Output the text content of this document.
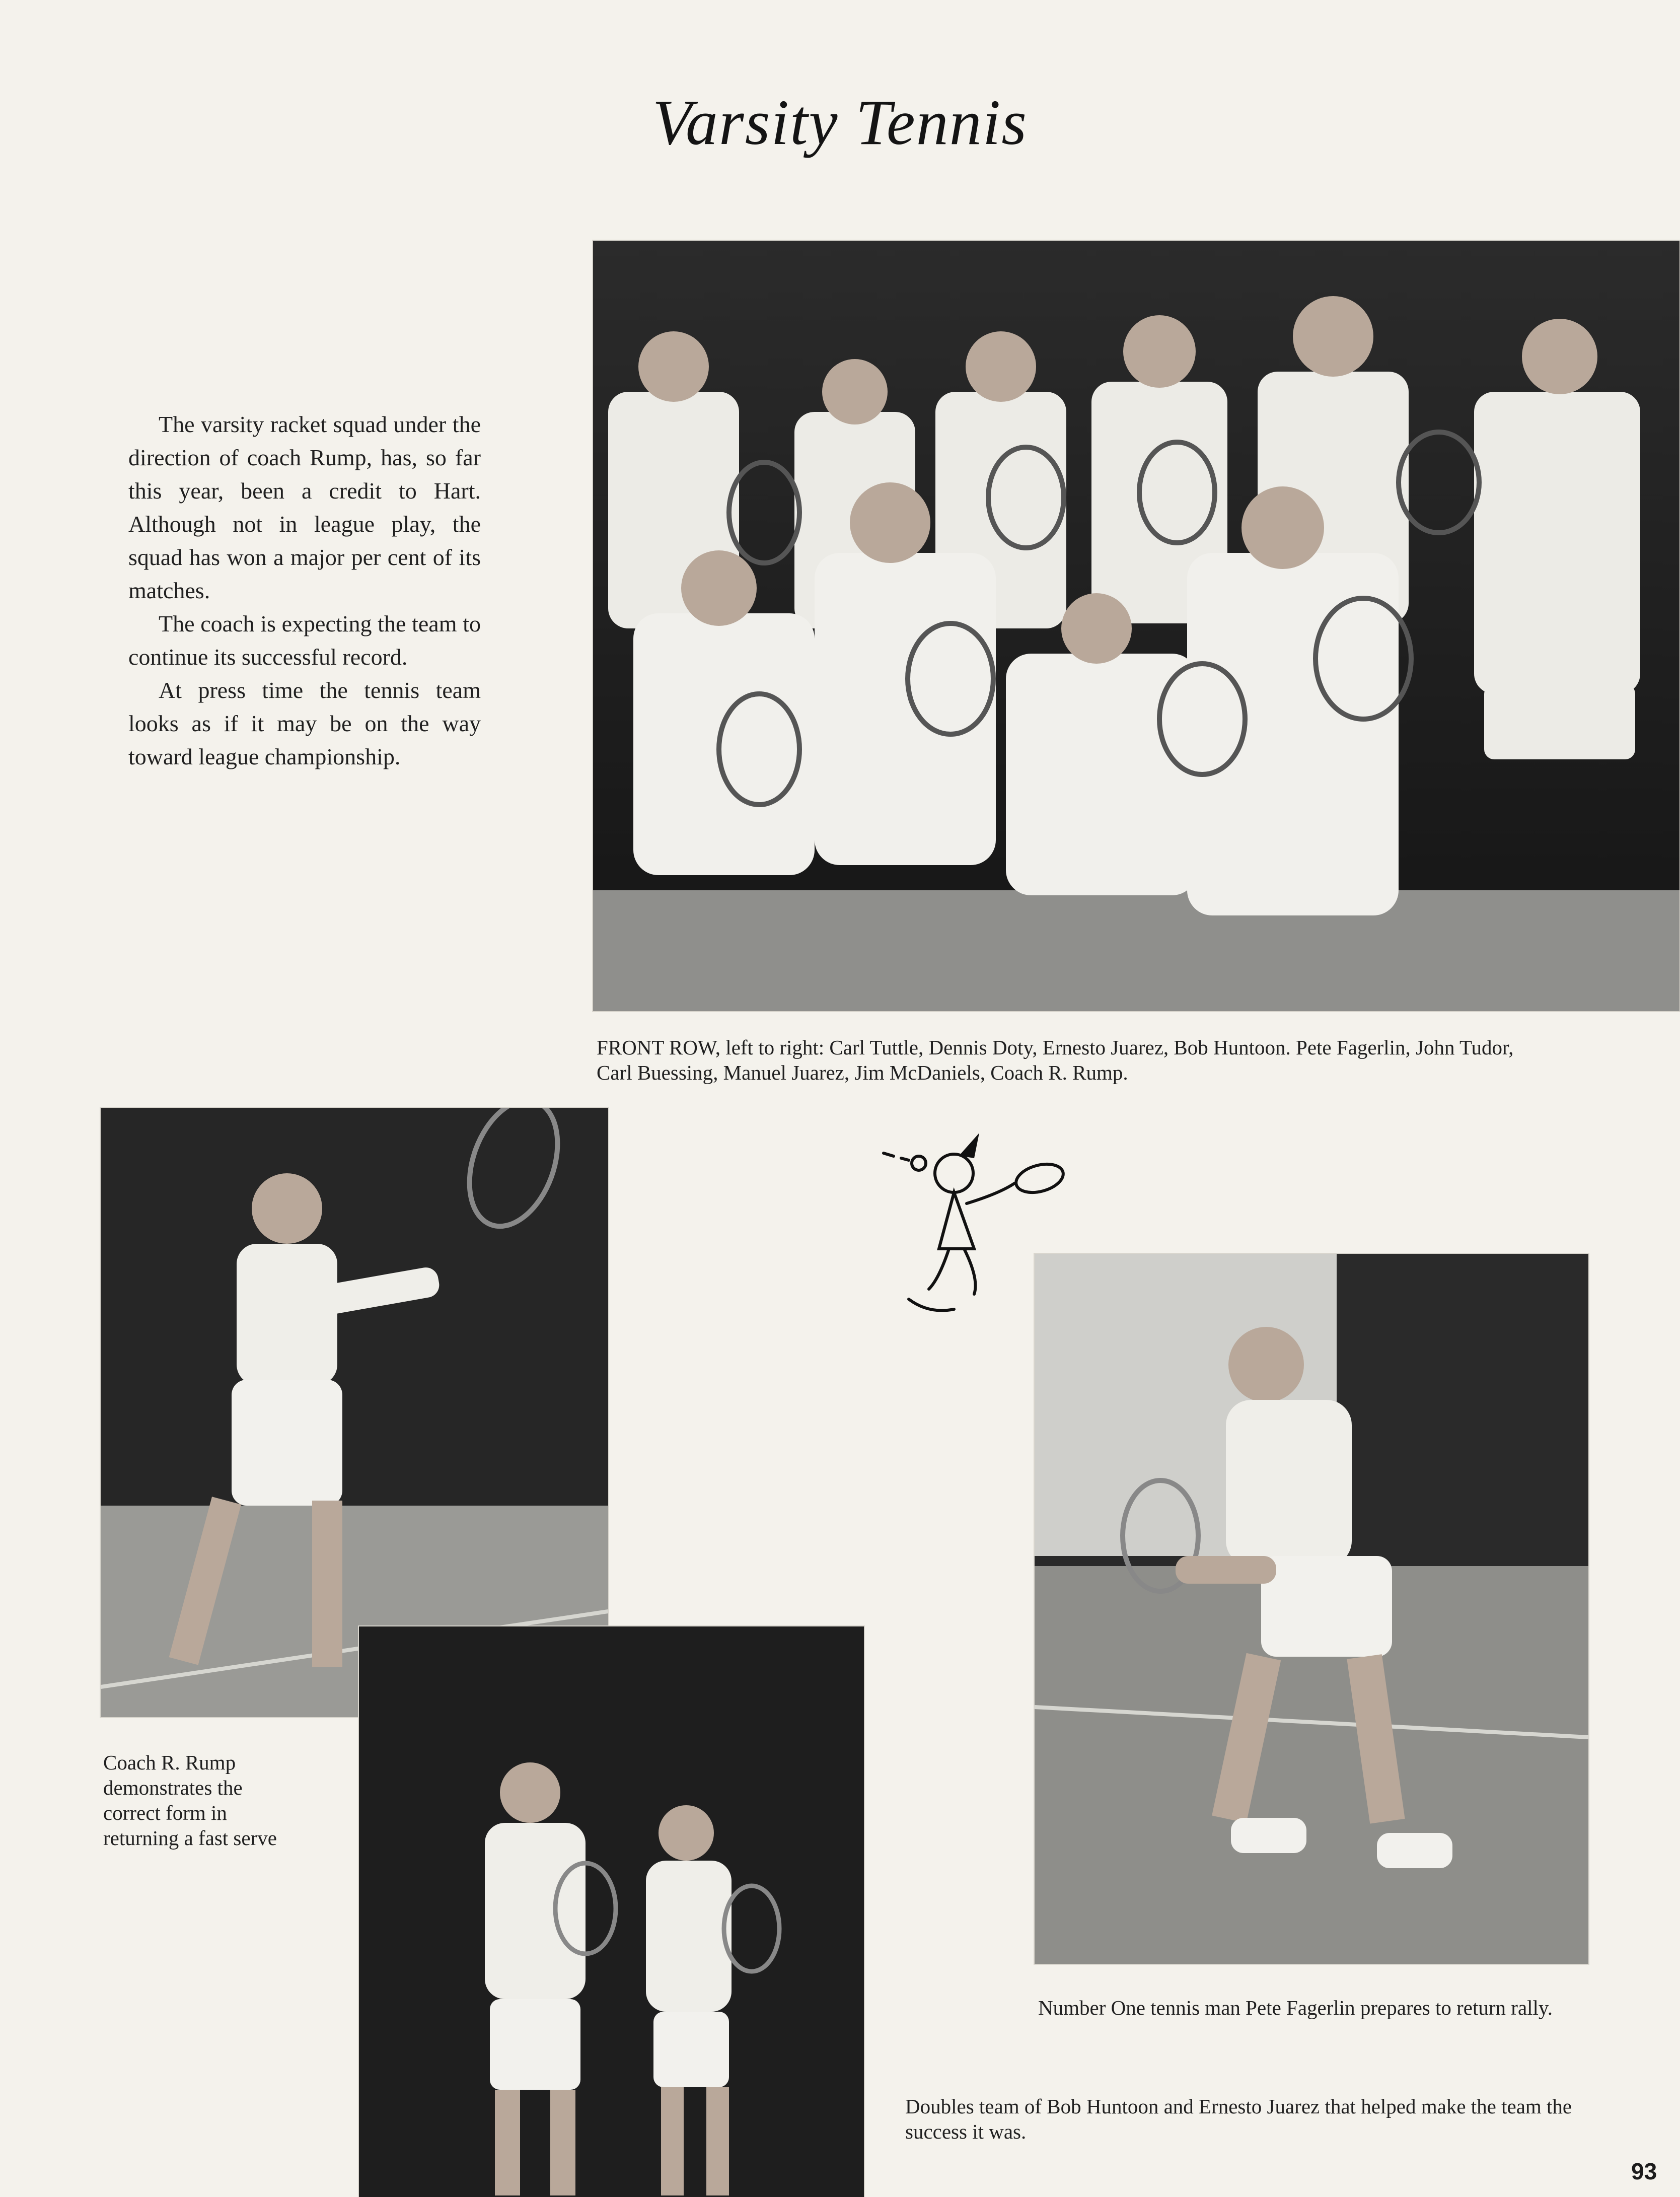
Varsity Tennis

The varsity racket squad under the direction of coach Rump, has, so far this year, been a credit to Hart. Although not in league play, the squad has won a major per cent of its matches.

The coach is expecting the team to continue its successful record.

At press time the tennis team looks as if it may be on the way toward league championship.

FRONT ROW, left to right: Carl Tuttle, Dennis Doty, Ernesto Juarez, Bob Huntoon. Pete Fagerlin, John Tudor, Carl Buessing, Manuel Juarez, Jim McDaniels, Coach R. Rump.
Coach R. Rump demonstrates the correct form in returning a fast serve
Number One tennis man Pete Fagerlin prepares to return rally.
Doubles team of Bob Huntoon and Ernesto Juarez that helped make the team the success it was.
93
